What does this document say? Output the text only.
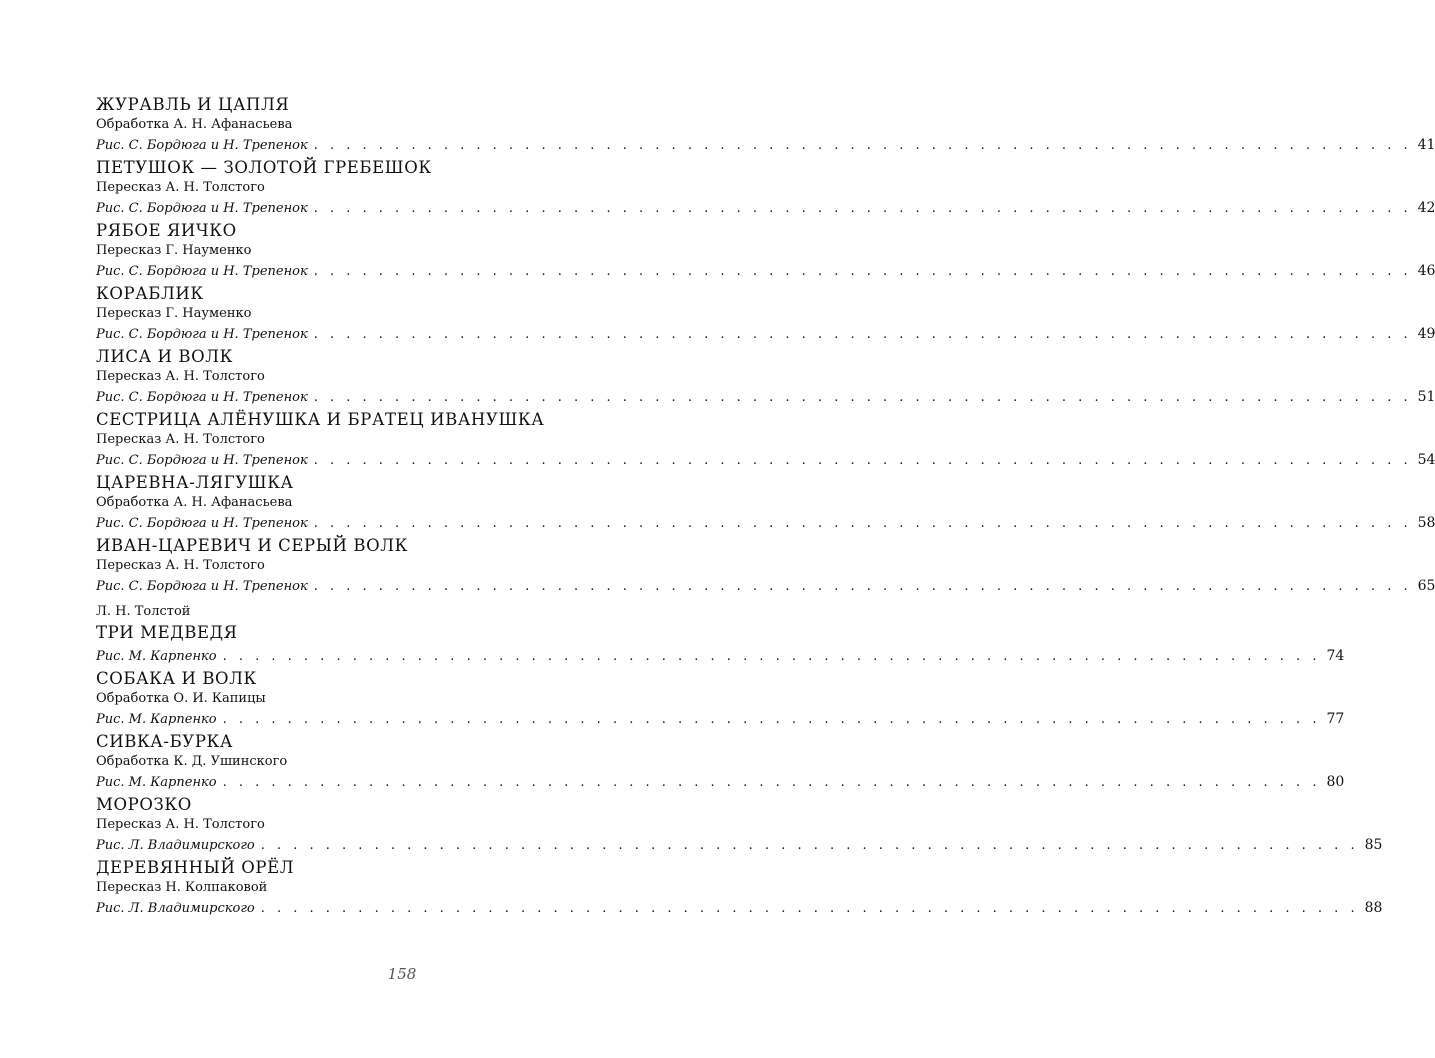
ЖУРАВЛЬ И ЦАПЛЯ
Обработка А. Н. Афанасьева
Рис. С. Бордюга и Н. Трепенок . . . . . . . . . . . . . . . . . . . . . . . . . . . . . . . . . . . . . . . . . . . . . . . . . . . . . . . . . . . . . . . . . . . . 41
ПЕТУШОК — ЗОЛОТОЙ ГРЕБЕШОК
Пересказ А. Н. Толстого
Рис. С. Бордюга и Н. Трепенок . . . . . . . . . . . . . . . . . . . . . . . . . . . . . . . . . . . . . . . . . . . . . . . . . . . . . . . . . . . . . . . . . . . . 42
РЯБОЕ ЯИЧКО
Пересказ Г. Науменко
Рис. С. Бордюга и Н. Трепенок . . . . . . . . . . . . . . . . . . . . . . . . . . . . . . . . . . . . . . . . . . . . . . . . . . . . . . . . . . . . . . . . . . . . 46
КОРАБЛИК
Пересказ Г. Науменко
Рис. С. Бордюга и Н. Трепенок . . . . . . . . . . . . . . . . . . . . . . . . . . . . . . . . . . . . . . . . . . . . . . . . . . . . . . . . . . . . . . . . . . . . 49
ЛИСА И ВОЛК
Пересказ А. Н. Толстого
Рис. С. Бордюга и Н. Трепенок . . . . . . . . . . . . . . . . . . . . . . . . . . . . . . . . . . . . . . . . . . . . . . . . . . . . . . . . . . . . . . . . . . . . 51
СЕСТРИЦА АЛЁНУШКА И БРАТЕЦ ИВАНУШКА
Пересказ А. Н. Толстого
Рис. С. Бордюга и Н. Трепенок . . . . . . . . . . . . . . . . . . . . . . . . . . . . . . . . . . . . . . . . . . . . . . . . . . . . . . . . . . . . . . . . . . . . 54
ЦАРЕВНА-ЛЯГУШКА
Обработка А. Н. Афанасьева
Рис. С. Бордюга и Н. Трепенок . . . . . . . . . . . . . . . . . . . . . . . . . . . . . . . . . . . . . . . . . . . . . . . . . . . . . . . . . . . . . . . . . . . . 58
ИВАН-ЦАРЕВИЧ И СЕРЫЙ ВОЛК
Пересказ А. Н. Толстого
Рис. С. Бордюга и Н. Трепенок . . . . . . . . . . . . . . . . . . . . . . . . . . . . . . . . . . . . . . . . . . . . . . . . . . . . . . . . . . . . . . . . . . . . 65
Л. Н. Толстой
ТРИ МЕДВЕДЯ
Рис. М. Карпенко . . . . . . . . . . . . . . . . . . . . . . . . . . . . . . . . . . . . . . . . . . . . . . . . . . . . . . . . . . . . . . . . . . . . 74
СОБАКА И ВОЛК
Обработка О. И. Капицы
Рис. М. Карпенко . . . . . . . . . . . . . . . . . . . . . . . . . . . . . . . . . . . . . . . . . . . . . . . . . . . . . . . . . . . . . . . . . . . . 77
СИВКА-БУРКА
Обработка К. Д. Ушинского
Рис. М. Карпенко . . . . . . . . . . . . . . . . . . . . . . . . . . . . . . . . . . . . . . . . . . . . . . . . . . . . . . . . . . . . . . . . . . . . 80
МОРОЗКО
Пересказ А. Н. Толстого
Рис. Л. Владимирского . . . . . . . . . . . . . . . . . . . . . . . . . . . . . . . . . . . . . . . . . . . . . . . . . . . . . . . . . . . . . . . . . . . . 85
ДЕРЕВЯННЫЙ ОРЁЛ
Пересказ Н. Колпаковой
Рис. Л. Владимирского . . . . . . . . . . . . . . . . . . . . . . . . . . . . . . . . . . . . . . . . . . . . . . . . . . . . . . . . . . . . . . . . . . . . 88
158
